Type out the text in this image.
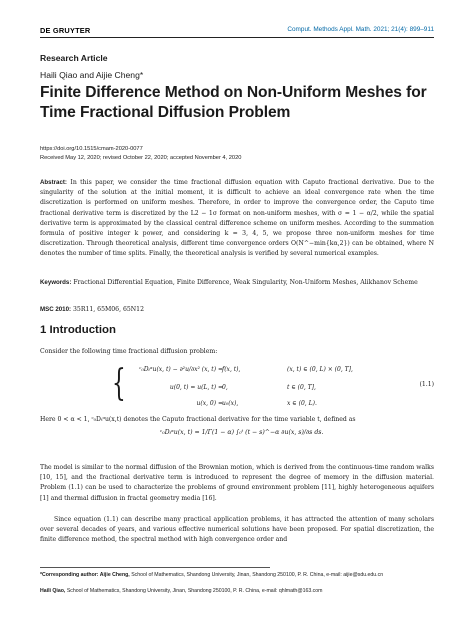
DE GRUYTER	Comput. Methods Appl. Math. 2021; 21(4): 899–911
Research Article
Haili Qiao and Aijie Cheng*
Finite Difference Method on Non-Uniform Meshes for Time Fractional Diffusion Problem
https://doi.org/10.1515/cmam-2020-0077
Received May 12, 2020; revised October 22, 2020; accepted November 4, 2020
Abstract: In this paper, we consider the time fractional diffusion equation with Caputo fractional derivative. Due to the singularity of the solution at the initial moment, it is difficult to achieve an ideal convergence rate when the time discretization is performed on uniform meshes. Therefore, in order to improve the convergence order, the Caputo time fractional derivative term is discretized by the L2 − 1σ format on non-uniform meshes, with σ = 1 − α/2, while the spatial derivative term is approximated by the classical central difference scheme on uniform meshes. According to the summation formula of positive integer k power, and considering k = 3, 4, 5, we propose three non-uniform meshes for time discretization. Through theoretical analysis, different time convergence orders O(N^−min{kα,2}) can be obtained, where N denotes the number of time splits. Finally, the theoretical analysis is verified by several numerical examples.
Keywords: Fractional Differential Equation, Finite Difference, Weak Singularity, Non-Uniform Meshes, Alikhanov Scheme
MSC 2010: 35R11, 65M06, 65N12
1 Introduction
Consider the following time fractional diffusion problem:
{	ᶜ₀Dₜᵅu(x, t) − ∂²u/∂x² (x, t) = f(x, t),	(x, t) ∈ (0, L) × (0, T],
u(0, t) = u(L, t) = 0,	t ∈ (0, T],
u(x, 0) = u₀(x),	x ∈ (0, L).
(1.1)
Here 0 < α < 1, ᶜ₀Dₜᵅu(x,t) denotes the Caputo fractional derivative for the time variable t, defined as
ᶜ₀Dₜᵅu(x, t) = 1/Γ(1 − α) ∫₀ᵗ (t − s)^−α ∂u(x, s)/∂s ds.
The model is similar to the normal diffusion of the Brownian motion, which is derived from the continuous-time random walks [10, 15], and the fractional derivative term is introduced to represent the degree of memory in the diffusion material. Problem (1.1) can be used to characterize the problems of ground environment problem [11], highly heterogeneous aquifers [1] and thermal diffusion in fractal geometry media [16].
Since equation (1.1) can describe many practical application problems, it has attracted the attention of many scholars over several decades of years, and various effective numerical solutions have been proposed. For spatial discretization, the finite difference method, the spectral method with high convergence order and
*Corresponding author: Aijie Cheng, School of Mathematics, Shandong University, Jinan, Shandong 250100, P. R. China, e-mail: aijie@sdu.edu.cn
Haili Qiao, School of Mathematics, Shandong University, Jinan, Shandong 250100, P. R. China, e-mail: qhlmath@163.com
